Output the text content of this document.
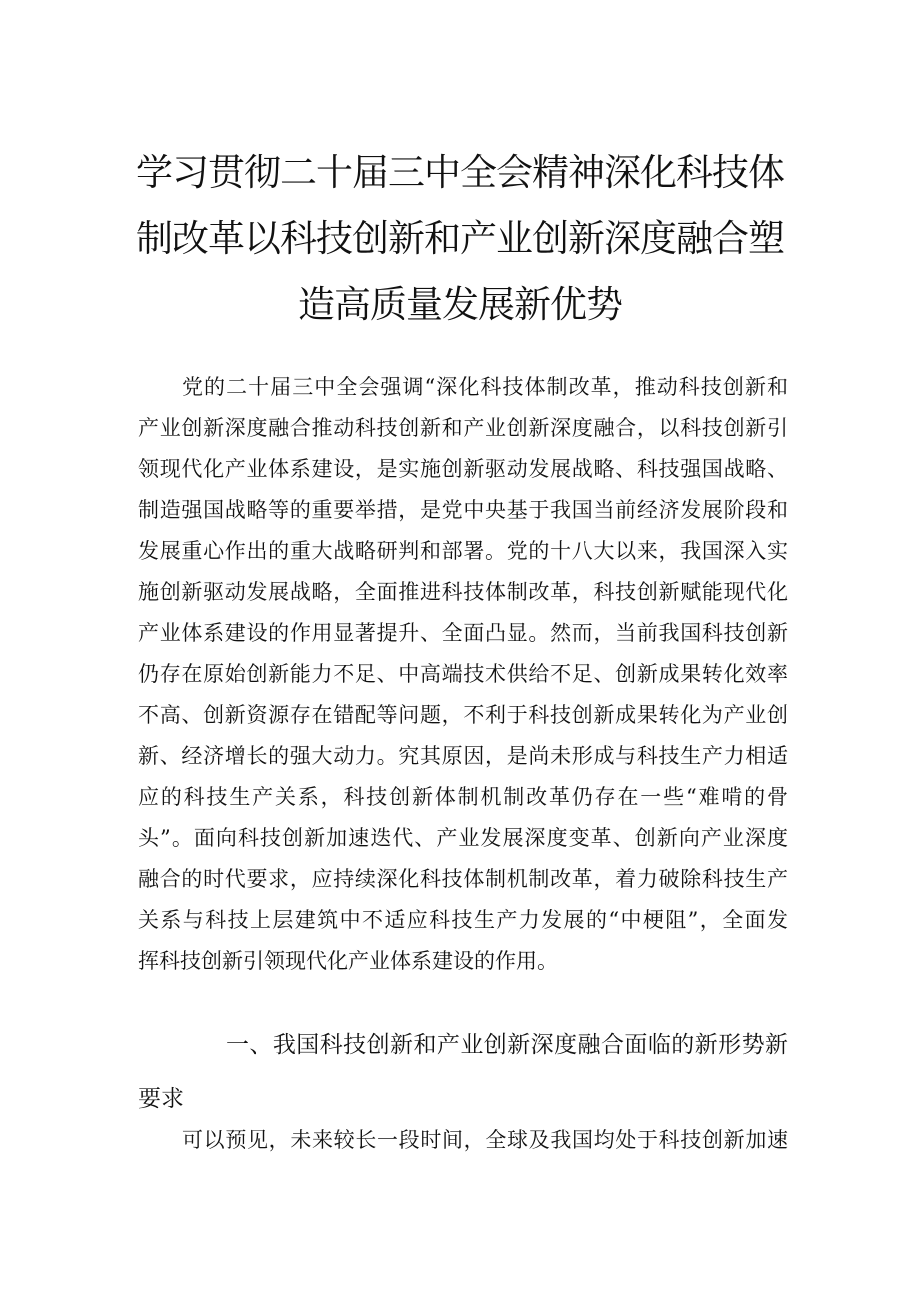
学习贯彻二十届三中全会精神深化科技体
制改革以科技创新和产业创新深度融合塑
造高质量发展新优势

党的二十届三中全会强调“深化科技体制改革，推动科技创新和
产业创新深度融合推动科技创新和产业创新深度融合，以科技创新引
领现代化产业体系建设，是实施创新驱动发展战略、科技强国战略、
制造强国战略等的重要举措，是党中央基于我国当前经济发展阶段和
发展重心作出的重大战略研判和部署。党的十八大以来，我国深入实
施创新驱动发展战略，全面推进科技体制改革，科技创新赋能现代化
产业体系建设的作用显著提升、全面凸显。然而，当前我国科技创新
仍存在原始创新能力不足、中高端技术供给不足、创新成果转化效率
不高、创新资源存在错配等问题，不利于科技创新成果转化为产业创
新、经济增长的强大动力。究其原因，是尚未形成与科技生产力相适
应的科技生产关系，科技创新体制机制改革仍存在一些“难啃的骨
头”。面向科技创新加速迭代、产业发展深度变革、创新向产业深度
融合的时代要求，应持续深化科技体制机制改革，着力破除科技生产
关系与科技上层建筑中不适应科技生产力发展的“中梗阻”，全面发
挥科技创新引领现代化产业体系建设的作用。

一、我国科技创新和产业创新深度融合面临的新形势新
要求

可以预见，未来较长一段时间，全球及我国均处于科技创新加速
